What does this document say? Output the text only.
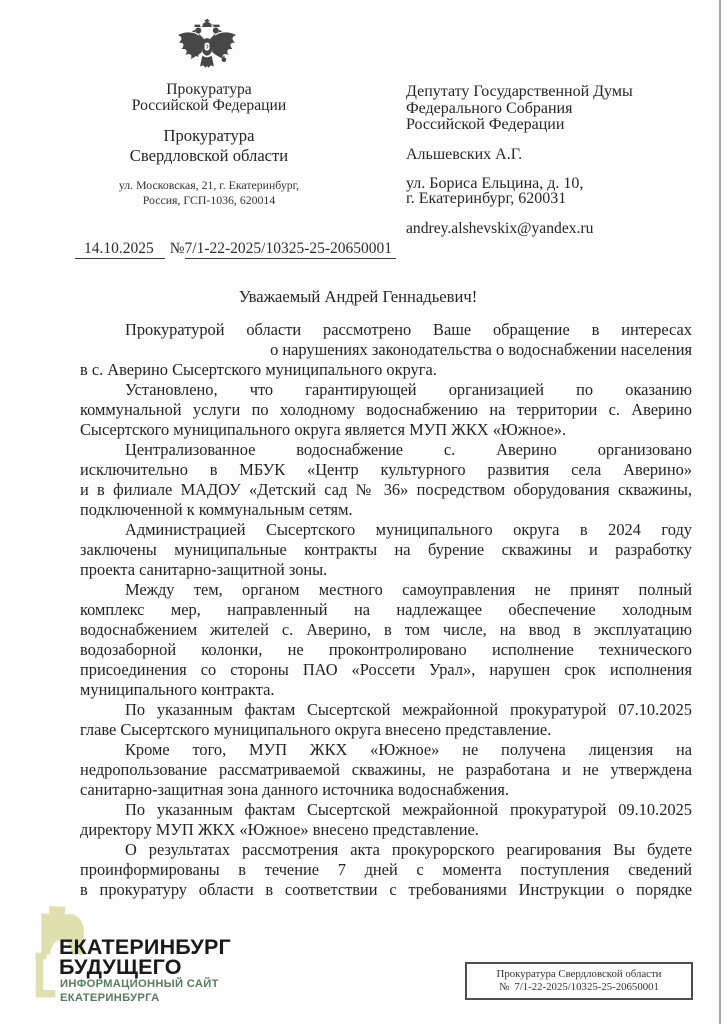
Прокуратура
Российской Федерации
Прокуратура
Свердловской области
ул. Московская, 21, г. Екатеринбург,
Россия, ГСП-1036, 620014
Депутату Государственной Думы
Федерального Собрания
Российской Федерации
Альшевских А.Г.
ул. Бориса Ельцина, д. 10,
г. Екатеринбург, 620031
andrey.alshevskix@yandex.ru
14.10.2025 №7/1-22-2025/10325-25-20650001
Уважаемый Андрей Геннадьевич!
Прокуратурой области рассмотрено Ваше обращение в интересах
о нарушениях законодательства о водоснабжении населения
в с. Аверино Сысертского муниципального округа.
Установлено, что гарантирующей организацией по оказанию
коммунальной услуги по холодному водоснабжению на территории с. Аверино
Сысертского муниципального округа является МУП ЖКХ «Южное».
Централизованное водоснабжение с. Аверино организовано
исключительно в МБУК «Центр культурного развития села Аверино»
и в филиале МАДОУ «Детский сад № 36» посредством оборудования скважины,
подключенной к коммунальным сетям.
Администрацией Сысертского муниципального округа в 2024 году
заключены муниципальные контракты на бурение скважины и разработку
проекта санитарно-защитной зоны.
Между тем, органом местного самоуправления не принят полный
комплекс мер, направленный на надлежащее обеспечение холодным
водоснабжением жителей с. Аверино, в том числе, на ввод в эксплуатацию
водозаборной колонки, не проконтролировано исполнение технического
присоединения со стороны ПАО «Россети Урал», нарушен срок исполнения
муниципального контракта.
По указанным фактам Сысертской межрайонной прокуратурой 07.10.2025
главе Сысертского муниципального округа внесено представление.
Кроме того, МУП ЖКХ «Южное» не получена лицензия на
недропользование рассматриваемой скважины, не разработана и не утверждена
санитарно-защитная зона данного источника водоснабжения.
По указанным фактам Сысертской межрайонной прокуратурой 09.10.2025
директору МУП ЖКХ «Южное» внесено представление.
О результатах рассмотрения акта прокурорского реагирования Вы будете
проинформированы в течение 7 дней с момента поступления сведений
в прокуратуру области в соответствии с требованиями Инструкции о порядке
ЕКАТЕРИНБУРГ
БУДУЩЕГО
ИНФОРМАЦИОННЫЙ САЙТ
ЕКАТЕРИНБУРГА
Прокуратура Свердловской области
№ 7/1-22-2025/10325-25-20650001
